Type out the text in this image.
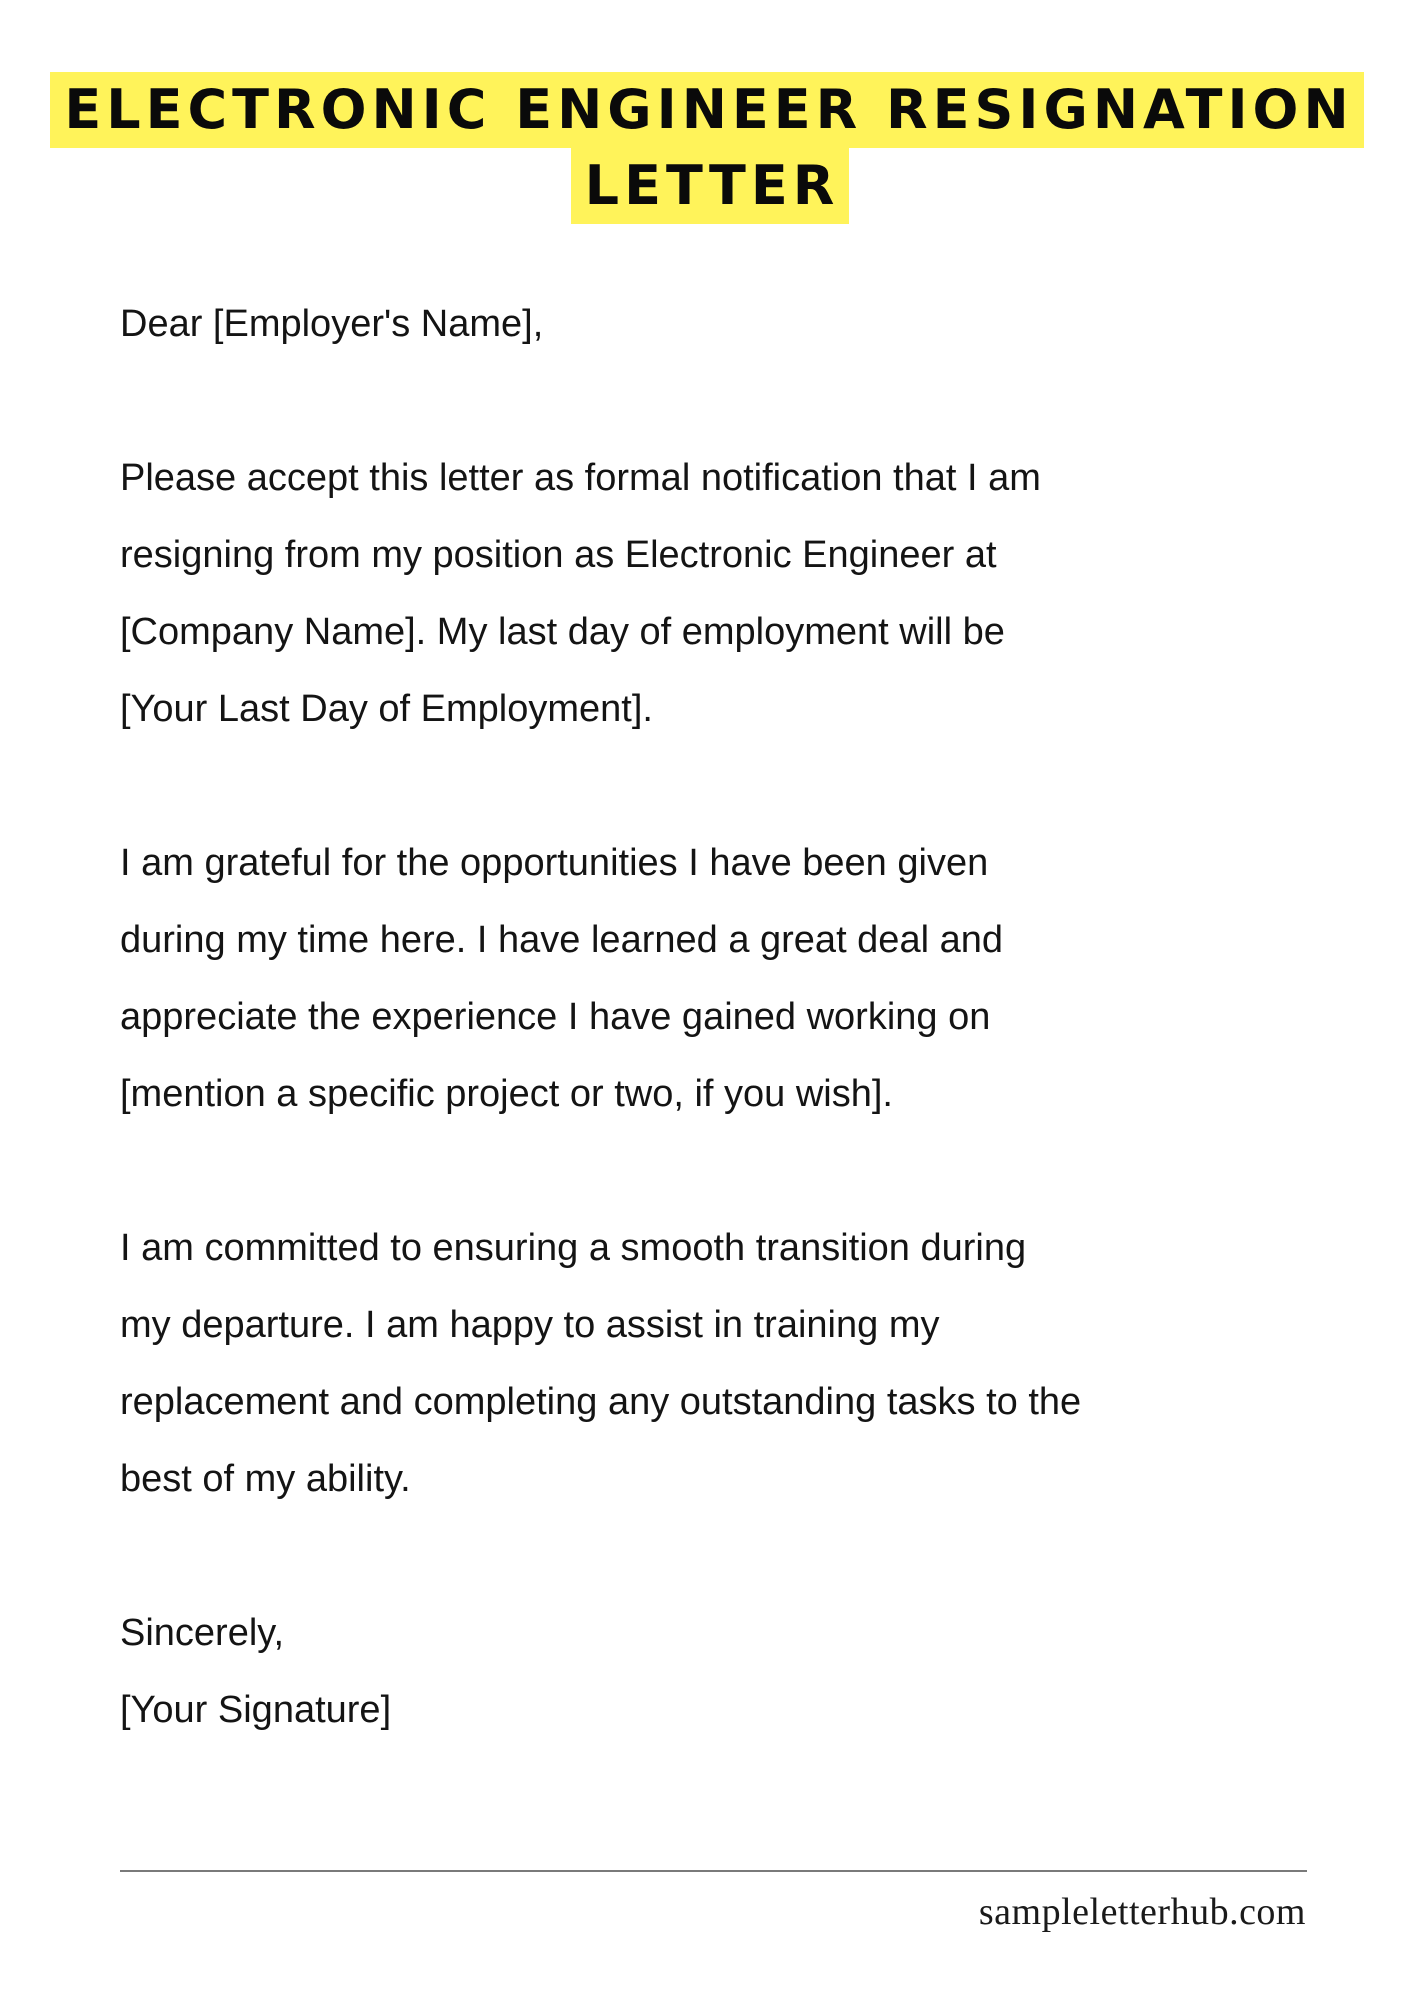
ELECTRONIC ENGINEER RESIGNATION
LETTER

Dear [Employer's Name],

Please accept this letter as formal notification that I am
resigning from my position as Electronic Engineer at
[Company Name]. My last day of employment will be
[Your Last Day of Employment].

I am grateful for the opportunities I have been given
during my time here. I have learned a great deal and
appreciate the experience I have gained working on
[mention a specific project or two, if you wish].

I am committed to ensuring a smooth transition during
my departure. I am happy to assist in training my
replacement and completing any outstanding tasks to the
best of my ability.

Sincerely,

[Your Signature]

sampleletterhub.com
